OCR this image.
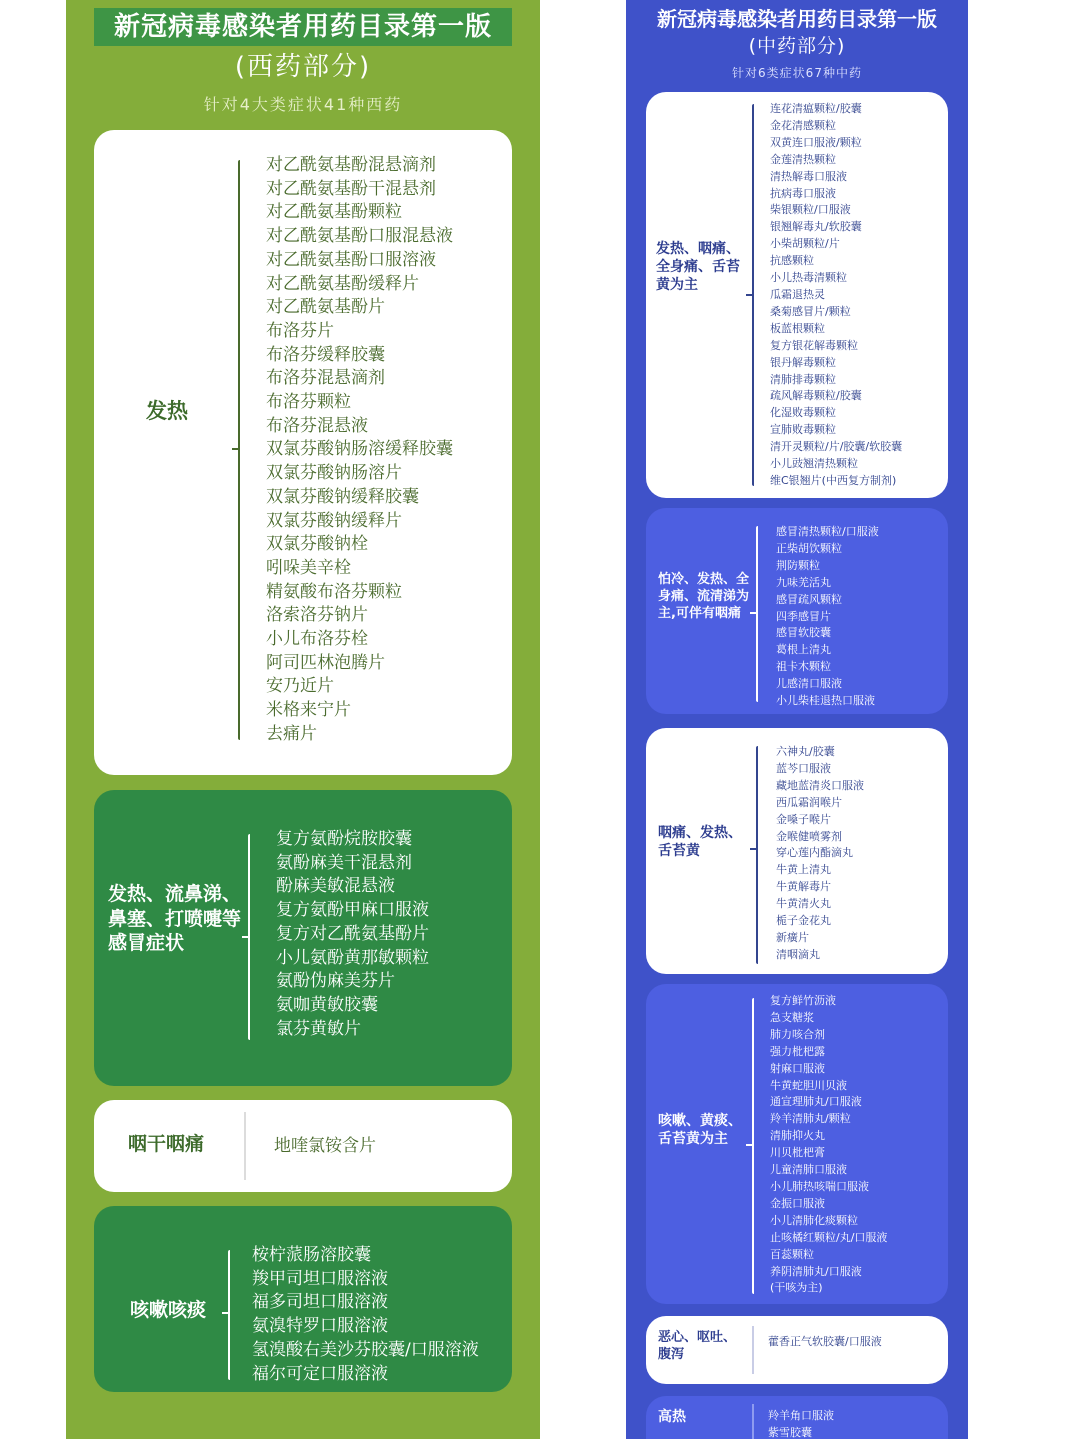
新冠病毒感染者用药目录第一版
(西药部分)
针对4大类症状41种西药
发热
对乙酰氨基酚混悬滴剂
对乙酰氨基酚干混悬剂
对乙酰氨基酚颗粒
对乙酰氨基酚口服混悬液
对乙酰氨基酚口服溶液
对乙酰氨基酚缓释片
对乙酰氨基酚片
布洛芬片
布洛芬缓释胶囊
布洛芬混悬滴剂
布洛芬颗粒
布洛芬混悬液
双氯芬酸钠肠溶缓释胶囊
双氯芬酸钠肠溶片
双氯芬酸钠缓释胶囊
双氯芬酸钠缓释片
双氯芬酸钠栓
吲哚美辛栓
精氨酸布洛芬颗粒
洛索洛芬钠片
小儿布洛芬栓
阿司匹林泡腾片
安乃近片
米格来宁片
去痛片
发热、流鼻涕、鼻塞、打喷嚏等感冒症状
复方氨酚烷胺胶囊
氨酚麻美干混悬剂
酚麻美敏混悬液
复方氨酚甲麻口服液
复方对乙酰氨基酚片
小儿氨酚黄那敏颗粒
氨酚伪麻美芬片
氨咖黄敏胶囊
氯芬黄敏片
咽干咽痛	地喹氯铵含片
咳嗽咳痰
桉柠蒎肠溶胶囊
羧甲司坦口服溶液
福多司坦口服溶液
氨溴特罗口服溶液
氢溴酸右美沙芬胶囊/口服溶液
福尔可定口服溶液
新冠病毒感染者用药目录第一版
(中药部分)
针对6类症状67种中药
发热、咽痛、全身痛、舌苔黄为主
连花清瘟颗粒/胶囊
金花清感颗粒
双黄连口服液/颗粒
金莲清热颗粒
清热解毒口服液
抗病毒口服液
柴银颗粒/口服液
银翘解毒丸/软胶囊
小柴胡颗粒/片
抗感颗粒
小儿热毒清颗粒
瓜霜退热灵
桑菊感冒片/颗粒
板蓝根颗粒
复方银花解毒颗粒
银丹解毒颗粒
清肺排毒颗粒
疏风解毒颗粒/胶囊
化湿败毒颗粒
宣肺败毒颗粒
清开灵颗粒/片/胶囊/软胶囊
小儿豉翘清热颗粒
维C银翘片(中西复方制剂)
怕冷、发热、全身痛、流清涕为主,可伴有咽痛
感冒清热颗粒/口服液
正柴胡饮颗粒
荆防颗粒
九味羌活丸
感冒疏风颗粒
四季感冒片
感冒软胶囊
葛根上清丸
祖卡木颗粒
儿感清口服液
小儿柴桂退热口服液
咽痛、发热、舌苔黄
六神丸/胶囊
蓝芩口服液
藏地蓝清炎口服液
西瓜霜润喉片
金嗓子喉片
金喉健喷雾剂
穿心莲内酯滴丸
牛黄上清丸
牛黄解毒片
牛黄清火丸
栀子金花丸
新癀片
清咽滴丸
咳嗽、黄痰、舌苔黄为主
复方鲜竹沥液
急支糖浆
肺力咳合剂
强力枇杷露
射麻口服液
牛黄蛇胆川贝液
通宣理肺丸/口服液
羚羊清肺丸/颗粒
清肺抑火丸
川贝枇杷膏
儿童清肺口服液
小儿肺热咳喘口服液
金振口服液
小儿清肺化痰颗粒
止咳橘红颗粒/丸/口服液
百蕊颗粒
养阴清肺丸/口服液
(干咳为主)
恶心、呕吐、腹泻
藿香正气软胶囊/口服液
高热	羚羊角口服液
紫雪胶囊
